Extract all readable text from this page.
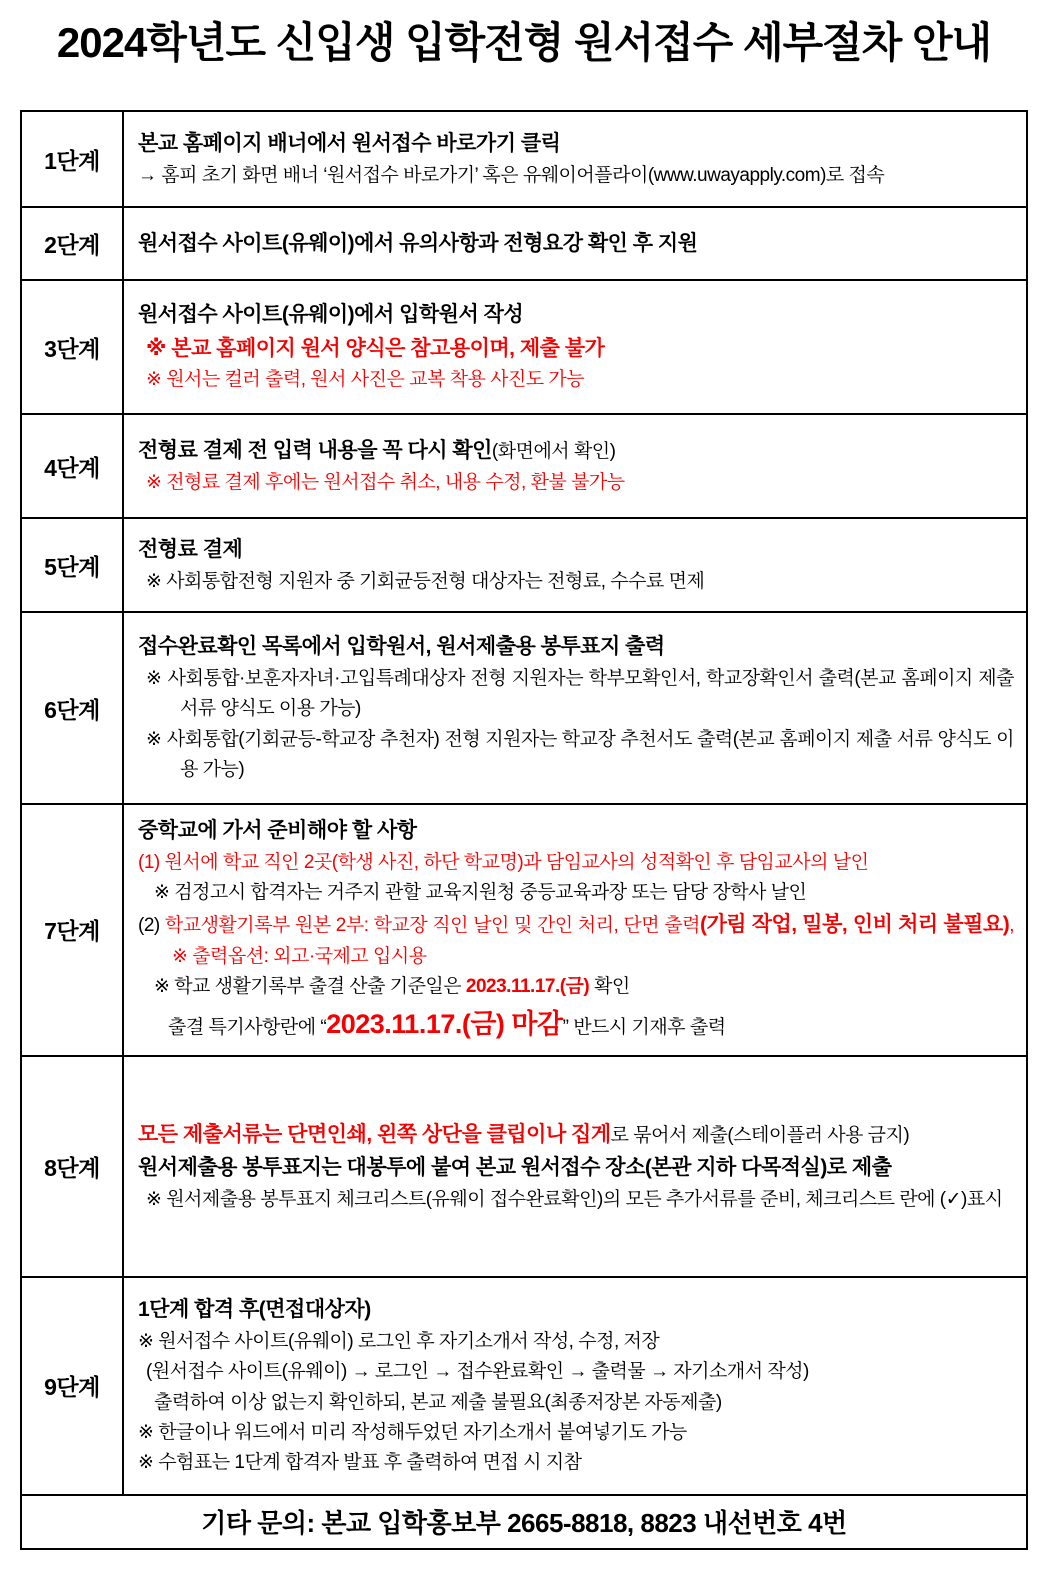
2024학년도 신입생 입학전형 원서접수 세부절차 안내
1단계	본교 홈페이지 배너에서 원서접수 바로가기 클릭
→ 홈피 초기 화면 배너 ‘원서접수 바로가기’ 혹은 유웨이어플라이(www.uwayapply.com)로 접속

2단계	원서접수 사이트(유웨이)에서 유의사항과 전형요강 확인 후 지원

3단계	원서접수 사이트(유웨이)에서 입학원서 작성
※ 본교 홈페이지 원서 양식은 참고용이며, 제출 불가
※ 원서는 컬러 출력, 원서 사진은 교복 착용 사진도 가능

4단계	전형료 결제 전 입력 내용을 꼭 다시 확인(화면에서 확인)
※ 전형료 결제 후에는 원서접수 취소, 내용 수정, 환불 불가능

5단계	전형료 결제
※ 사회통합전형 지원자 중 기회균등전형 대상자는 전형료, 수수료 면제

6단계	접수완료확인 목록에서 입학원서, 원서제출용 봉투표지 출력
※ 사회통합·보훈자자녀·고입특례대상자 전형 지원자는 학부모확인서, 학교장확인서 출력(본교 홈페이지 제출 서류 양식도 이용 가능)
※ 사회통합(기회균등-학교장 추천자) 전형 지원자는 학교장 추천서도 출력(본교 홈페이지 제출 서류 양식도 이용 가능)

7단계	
중학교에 가서 준비해야 할 사항
(1) 원서에 학교 직인 2곳(학생 사진, 하단 학교명)과 담임교사의 성적확인 후 담임교사의 날인
※ 검정고시 합격자는 거주지 관할 교육지원청 중등교육과장 또는 담당 장학사 날인
(2) 학교생활기록부 원본 2부: 학교장 직인 날인 및 간인 처리, 단면 출력(가림 작업, 밀봉, 인비 처리 불필요), ※ 출력옵션: 외고·국제고 입시용
※ 학교 생활기록부 출결 산출 기준일은 2023.11.17.(금) 확인
출결 특기사항란에 “2023.11.17.(금) 마감” 반드시 기재후 출력

8단계	모든 제출서류는 단면인쇄, 왼쪽 상단을 클립이나 집게로 묶어서 제출(스테이플러 사용 금지)
원서제출용 봉투표지는 대봉투에 붙여 본교 원서접수 장소(본관 지하 다목적실)로 제출
※ 원서제출용 봉투표지 체크리스트(유웨이 접수완료확인)의 모든 추가서류를 준비, 체크리스트 란에 (✓)표시

9단계	
1단계 합격 후(면접대상자)
※ 원서접수 사이트(유웨이) 로그인 후 자기소개서 작성, 수정, 저장
(원서접수 사이트(유웨이) → 로그인 → 접수완료확인 → 출력물 → 자기소개서 작성)
출력하여 이상 없는지 확인하되, 본교 제출 불필요(최종저장본 자동제출)
※ 한글이나 워드에서 미리 작성해두었던 자기소개서 붙여넣기도 가능
※ 수험표는 1단계 합격자 발표 후 출력하여 면접 시 지참

기타 문의: 본교 입학홍보부 2665-8818, 8823 내선번호 4번	
